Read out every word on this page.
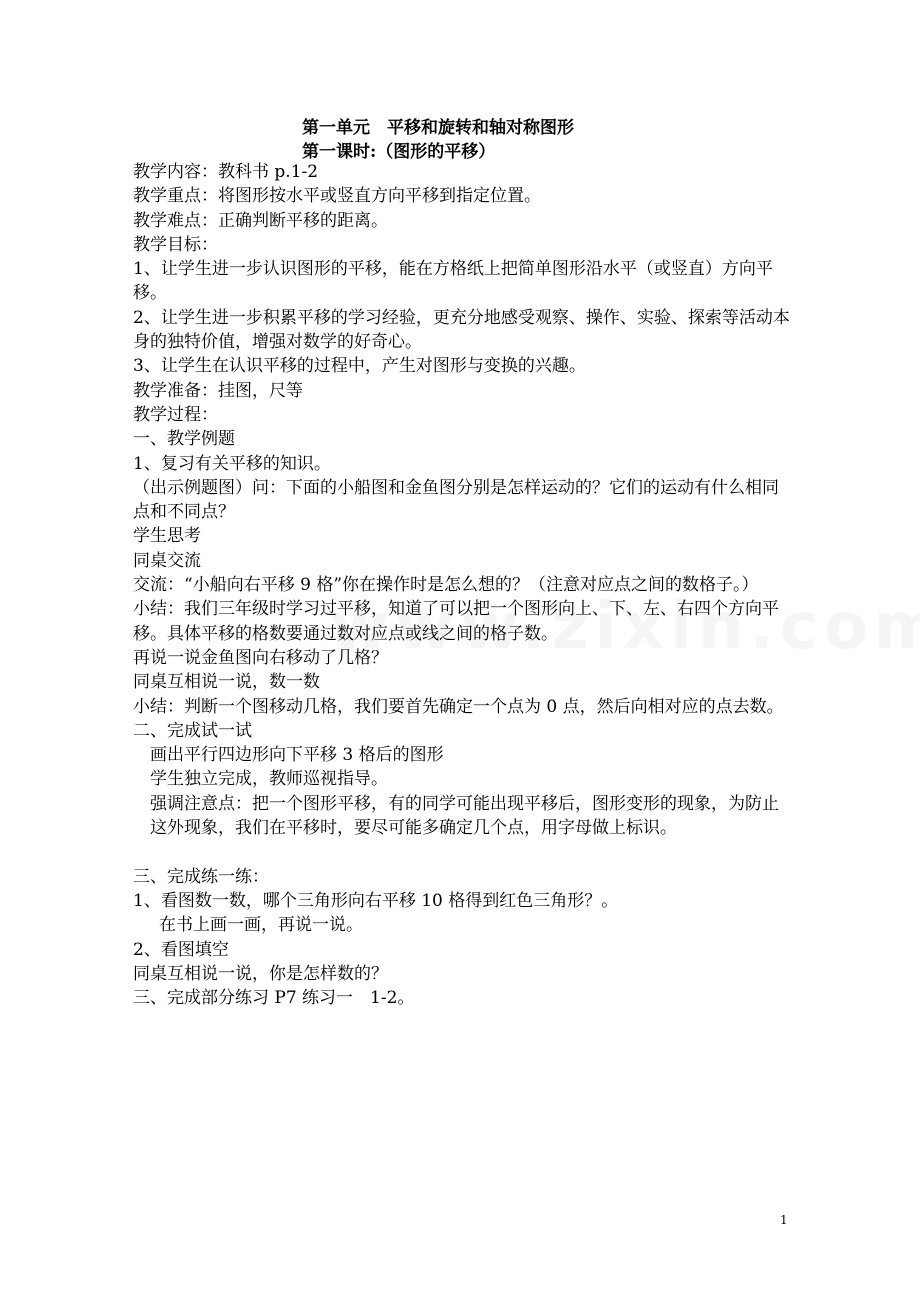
第一单元　平移和旋转和轴对称图形
第一课时:（图形的平移）

教学内容：教科书 p.1-2

教学重点：将图形按水平或竖直方向平移到指定位置。

教学难点：正确判断平移的距离。

教学目标：

1、让学生进一步认识图形的平移，能在方格纸上把简单图形沿水平（或竖直）方向平移。

2、让学生进一步积累平移的学习经验，更充分地感受观察、操作、实验、探索等活动本身的独特价值，增强对数学的好奇心。

3、让学生在认识平移的过程中，产生对图形与变换的兴趣。

教学准备：挂图，尺等

教学过程：

一、教学例题

1、复习有关平移的知识。

（出示例题图）问：下面的小船图和金鱼图分别是怎样运动的？它们的运动有什么相同点和不同点？

学生思考

同桌交流

交流：“小船向右平移 9 格”你在操作时是怎么想的？（注意对应点之间的数格子。）

小结：我们三年级时学习过平移，知道了可以把一个图形向上、下、左、右四个方向平移。具体平移的格数要通过数对应点或线之间的格子数。

再说一说金鱼图向右移动了几格？

同桌互相说一说，数一数

小结：判断一个图移动几格，我们要首先确定一个点为 0 点，然后向相对应的点去数。

二、完成试一试

画出平行四边形向下平移 3 格后的图形

学生独立完成，教师巡视指导。

强调注意点：把一个图形平移，有的同学可能出现平移后，图形变形的现象，为防止这外现象，我们在平移时，要尽可能多确定几个点，用字母做上标识。

三、完成练一练：

1、看图数一数，哪个三角形向右平移 10 格得到红色三角形？。

在书上画一画，再说一说。

2、看图填空

同桌互相说一说，你是怎样数的？

三、完成部分练习 P7 练习一　1-2。

1
